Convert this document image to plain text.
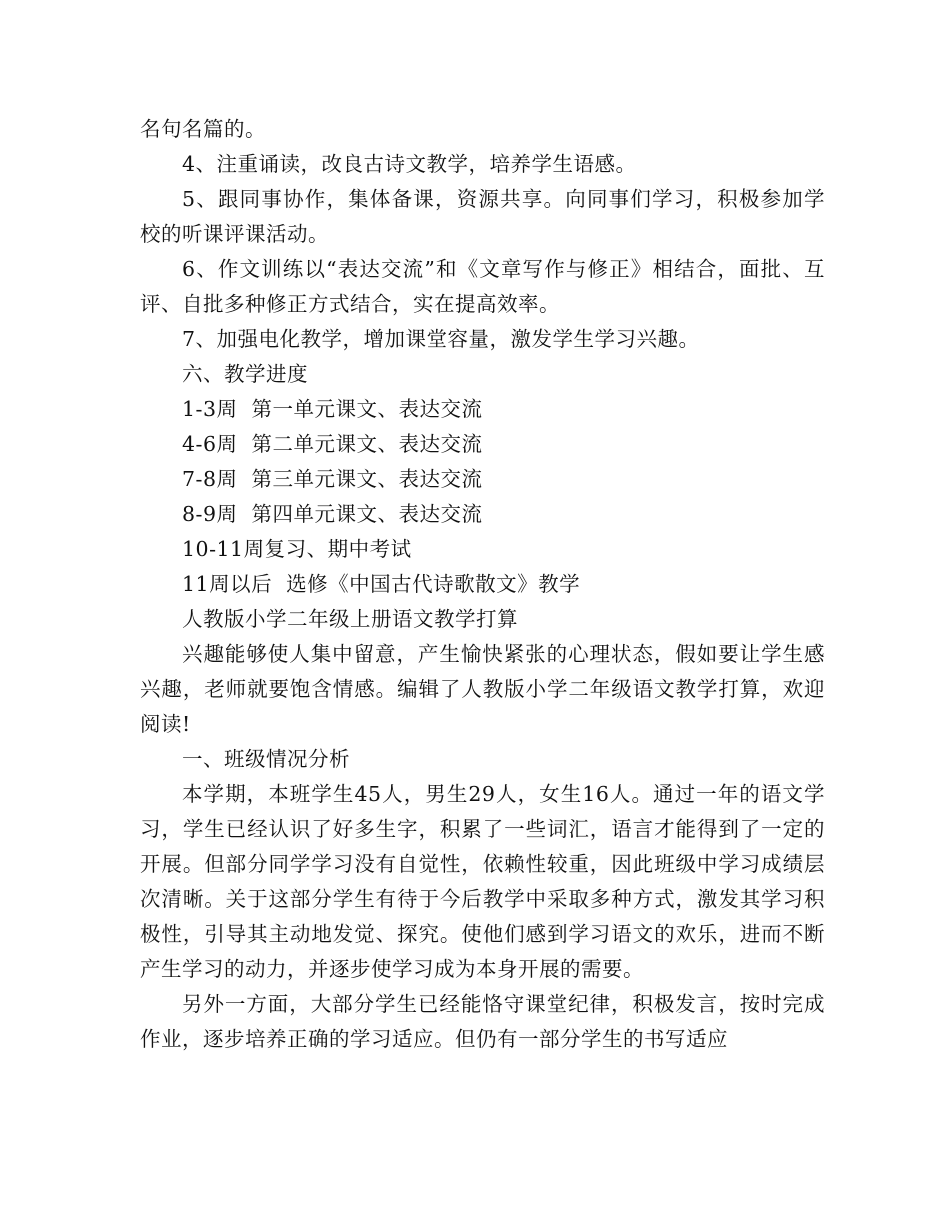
名句名篇的。

4、注重诵读，改良古诗文教学，培养学生语感。

5、跟同事协作，集体备课，资源共享。向同事们学习，积极参加学校的听课评课活动。

6、作文训练以“表达交流”和《文章写作与修正》相结合，面批、互评、自批多种修正方式结合，实在提高效率。

7、加强电化教学，增加课堂容量，激发学生学习兴趣。

六、教学进度

1-3周  第一单元课文、表达交流

4-6周  第二单元课文、表达交流

7-8周  第三单元课文、表达交流

8-9周  第四单元课文、表达交流

10-11周复习、期中考试

11周以后  选修《中国古代诗歌散文》教学

人教版小学二年级上册语文教学打算

兴趣能够使人集中留意，产生愉快紧张的心理状态，假如要让学生感兴趣，老师就要饱含情感。编辑了人教版小学二年级语文教学打算，欢迎阅读!

一、班级情况分析

本学期，本班学生45人，男生29人，女生16人。通过一年的语文学习，学生已经认识了好多生字，积累了一些词汇，语言才能得到了一定的开展。但部分同学学习没有自觉性，依赖性较重，因此班级中学习成绩层次清晰。关于这部分学生有待于今后教学中采取多种方式，激发其学习积极性，引导其主动地发觉、探究。使他们感到学习语文的欢乐，进而不断产生学习的动力，并逐步使学习成为本身开展的需要。

另外一方面，大部分学生已经能恪守课堂纪律，积极发言，按时完成作业，逐步培养正确的学习适应。但仍有一部分学生的书写适应
